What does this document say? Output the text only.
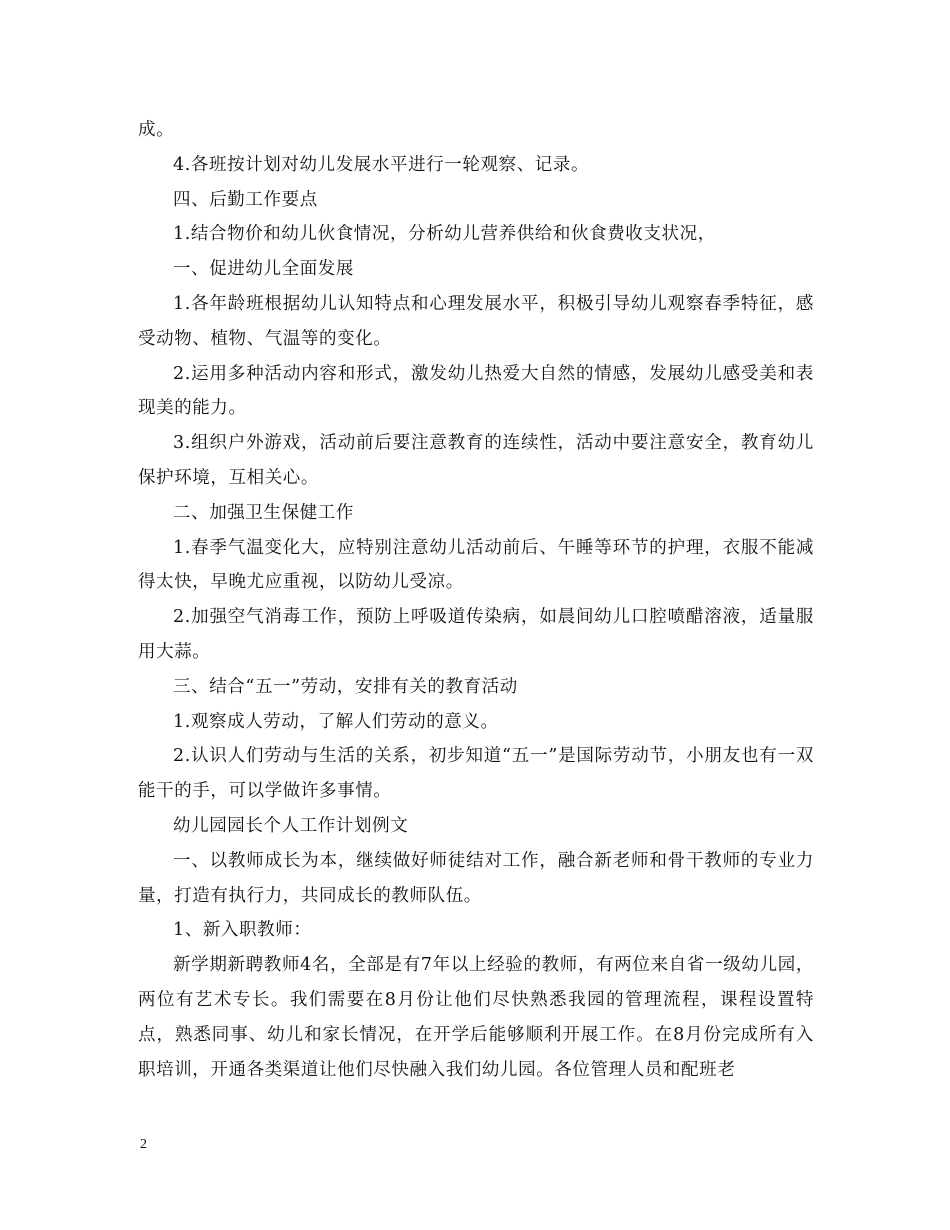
成。

4.各班按计划对幼儿发展水平进行一轮观察、记录。

四、后勤工作要点

1.结合物价和幼儿伙食情况，分析幼儿营养供给和伙食费收支状况，

一、促进幼儿全面发展

1.各年龄班根据幼儿认知特点和心理发展水平，积极引导幼儿观察春季特征，感受动物、植物、气温等的变化。

2.运用多种活动内容和形式，激发幼儿热爱大自然的情感，发展幼儿感受美和表现美的能力。

3.组织户外游戏，活动前后要注意教育的连续性，活动中要注意安全，教育幼儿保护环境，互相关心。

二、加强卫生保健工作

1.春季气温变化大，应特别注意幼儿活动前后、午睡等环节的护理，衣服不能减得太快，早晚尤应重视，以防幼儿受凉。

2.加强空气消毒工作，预防上呼吸道传染病，如晨间幼儿口腔喷醋溶液，适量服用大蒜。

三、结合“五一”劳动，安排有关的教育活动

1.观察成人劳动，了解人们劳动的意义。

2.认识人们劳动与生活的关系，初步知道“五一”是国际劳动节，小朋友也有一双能干的手，可以学做许多事情。

幼儿园园长个人工作计划例文

一、以教师成长为本，继续做好师徒结对工作，融合新老师和骨干教师的专业力量，打造有执行力，共同成长的教师队伍。

1、新入职教师：

新学期新聘教师4名，全部是有7年以上经验的教师，有两位来自省一级幼儿园，两位有艺术专长。我们需要在8月份让他们尽快熟悉我园的管理流程，课程设置特点，熟悉同事、幼儿和家长情况，在开学后能够顺利开展工作。在8月份完成所有入职培训，开通各类渠道让他们尽快融入我们幼儿园。各位管理人员和配班老

2
